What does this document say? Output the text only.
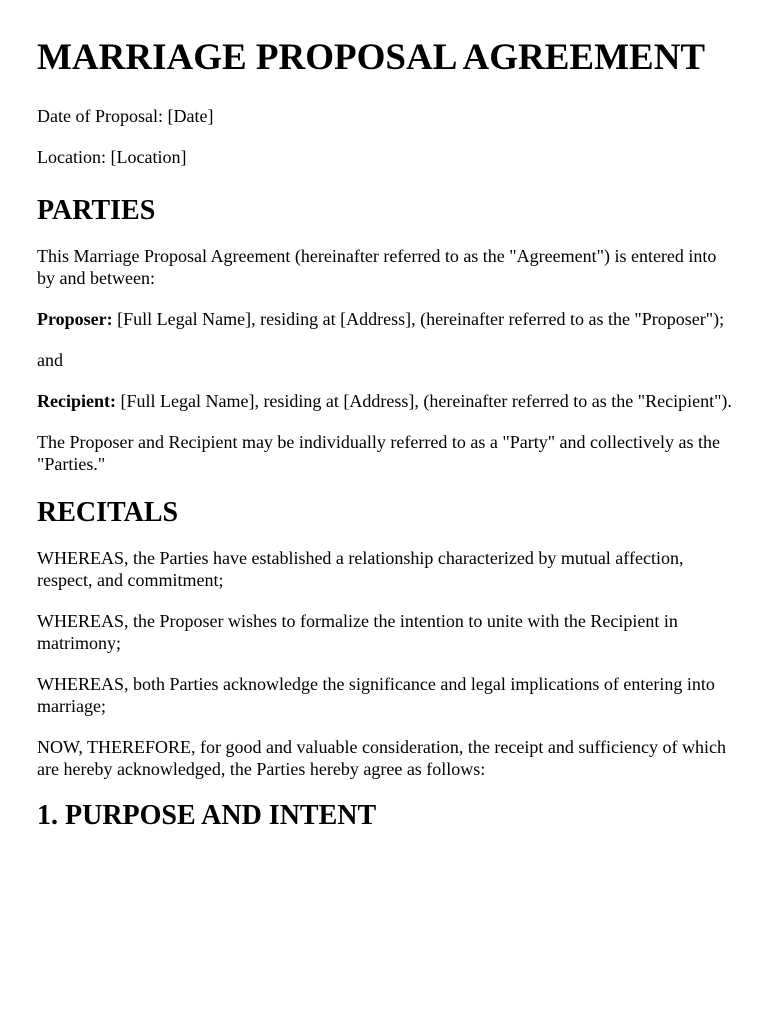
MARRIAGE PROPOSAL AGREEMENT

Date of Proposal: [Date]

Location: [Location]

PARTIES

This Marriage Proposal Agreement (hereinafter referred to as the "Agreement") is entered into by and between:

Proposer: [Full Legal Name], residing at [Address], (hereinafter referred to as the "Proposer");

and

Recipient: [Full Legal Name], residing at [Address], (hereinafter referred to as the "Recipient").

The Proposer and Recipient may be individually referred to as a "Party" and collectively as the "Parties."

RECITALS

WHEREAS, the Parties have established a relationship characterized by mutual affection, respect, and commitment;

WHEREAS, the Proposer wishes to formalize the intention to unite with the Recipient in matrimony;

WHEREAS, both Parties acknowledge the significance and legal implications of entering into marriage;

NOW, THEREFORE, for good and valuable consideration, the receipt and sufficiency of which are hereby acknowledged, the Parties hereby agree as follows:

1. PURPOSE AND INTENT
